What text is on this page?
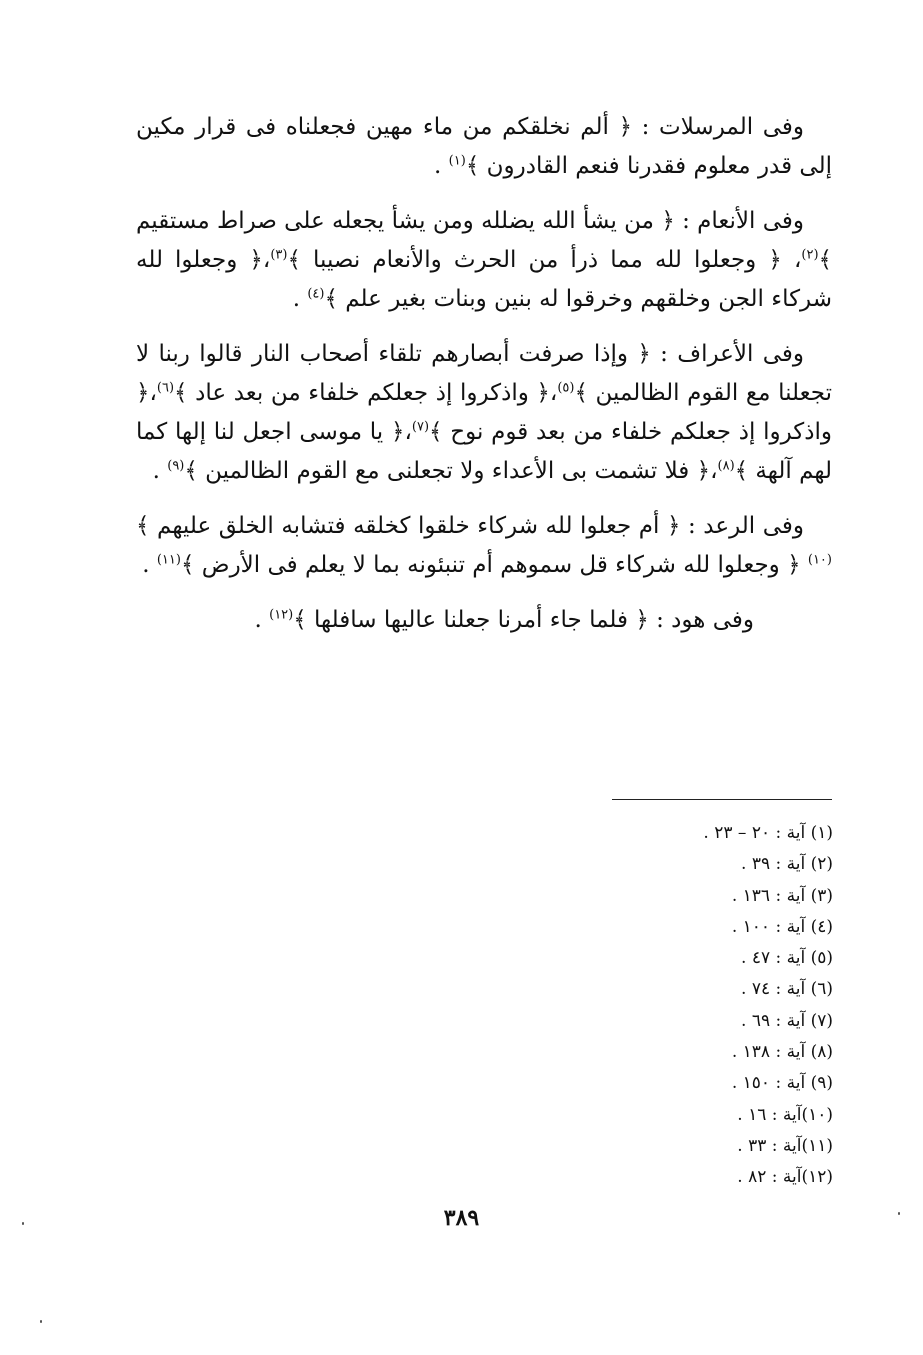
وفى المرسلات : ﴿ ألم نخلقكم من ماء مهين فجعلناه فى قرار مكين إلى قدر معلوم فقدرنا فنعم القادرون ﴾$^{(١)}$ .

وفى الأنعام : ﴿ من يشأ الله يضلله ومن يشأ يجعله على صراط مستقيم ﴾$^{(٢)}$، ﴿ وجعلوا لله مما ذرأ من الحرث والأنعام نصيبا ﴾$^{(٣)}$،﴿ وجعلوا لله شركاء الجن وخلقهم وخرقوا له بنين وبنات بغير علم ﴾$^{(٤)}$ .

وفى الأعراف : ﴿ وإذا صرفت أبصارهم تلقاء أصحاب النار قالوا ربنا لا تجعلنا مع القوم الظالمين ﴾$^{(٥)}$،﴿ واذكروا إذ جعلكم خلفاء من بعد عاد ﴾$^{(٦)}$،﴿ واذكروا إذ جعلكم خلفاء من بعد قوم نوح ﴾$^{(٧)}$،﴿ يا موسى اجعل لنا إلها كما لهم آلهة ﴾$^{(٨)}$،﴿ فلا تشمت بى الأعداء ولا تجعلنى مع القوم الظالمين ﴾$^{(٩)}$ .

وفى الرعد : ﴿ أم جعلوا لله شركاء خلقوا كخلقه فتشابه الخلق عليهم ﴾$^{(١٠)}$ ﴿ وجعلوا لله شركاء قل سموهم أم تنبئونه بما لا يعلم فى الأرض ﴾$^{(١١)}$ .

وفى هود : ﴿ فلما جاء أمرنا جعلنا عاليها سافلها ﴾$^{(١٢)}$ .

(١) آية : ٢٠ – ٢٣ .
(٢) آية : ٣٩ .
(٣) آية : ١٣٦ .
(٤) آية : ١٠٠ .
(٥) آية : ٤٧ .
(٦) آية : ٧٤ .
(٧) آية : ٦٩ .
(٨) آية : ١٣٨ .
(٩) آية : ١٥٠ .
(١٠)آية : ١٦ .
(١١)آية : ٣٣ .
(١٢)آية : ٨٢ .
٣٨٩
